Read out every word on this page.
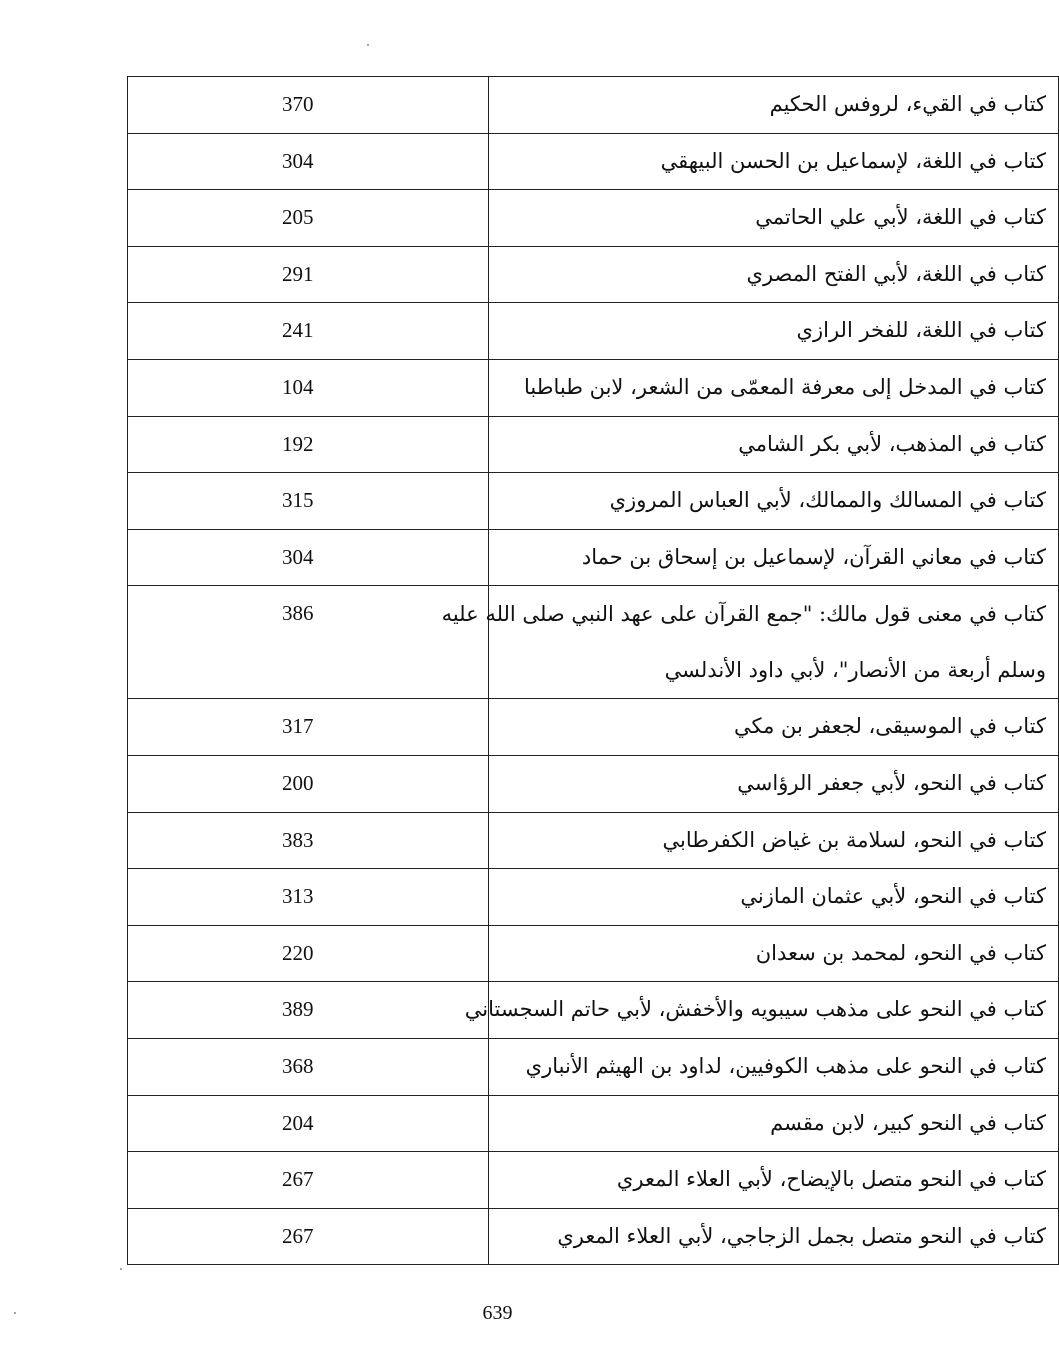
كتاب في القيء، لروفس الحكيم	370
كتاب في اللغة، لإسماعيل بن الحسن البيهقي	304
كتاب في اللغة، لأبي علي الحاتمي	205
كتاب في اللغة، لأبي الفتح المصري	291
كتاب في اللغة، للفخر الرازي	241
كتاب في المدخل إلى معرفة المعمّى من الشعر، لابن طباطبا	104
كتاب في المذهب، لأبي بكر الشامي	192
كتاب في المسالك والممالك، لأبي العباس المروزي	315
كتاب في معاني القرآن، لإسماعيل بن إسحاق بن حماد	304

كتاب في معنى قول مالك: "جمع القرآن على عهد النبي صلى الله عليه
وسلم أربعة من الأنصار"، لأبي داود الأندلسي	386
كتاب في الموسيقى، لجعفر بن مكي	317
كتاب في النحو، لأبي جعفر الرؤاسي	200
كتاب في النحو، لسلامة بن غياض الكفرطابي	383
كتاب في النحو، لأبي عثمان المازني	313
كتاب في النحو، لمحمد بن سعدان	220
كتاب في النحو على مذهب سيبويه والأخفش، لأبي حاتم السجستاني	389
كتاب في النحو على مذهب الكوفيين، لداود بن الهيثم الأنباري	368
كتاب في النحو كبير، لابن مقسم	204
كتاب في النحو متصل بالإيضاح، لأبي العلاء المعري	267
كتاب في النحو متصل بجمل الزجاجي، لأبي العلاء المعري	267
639
